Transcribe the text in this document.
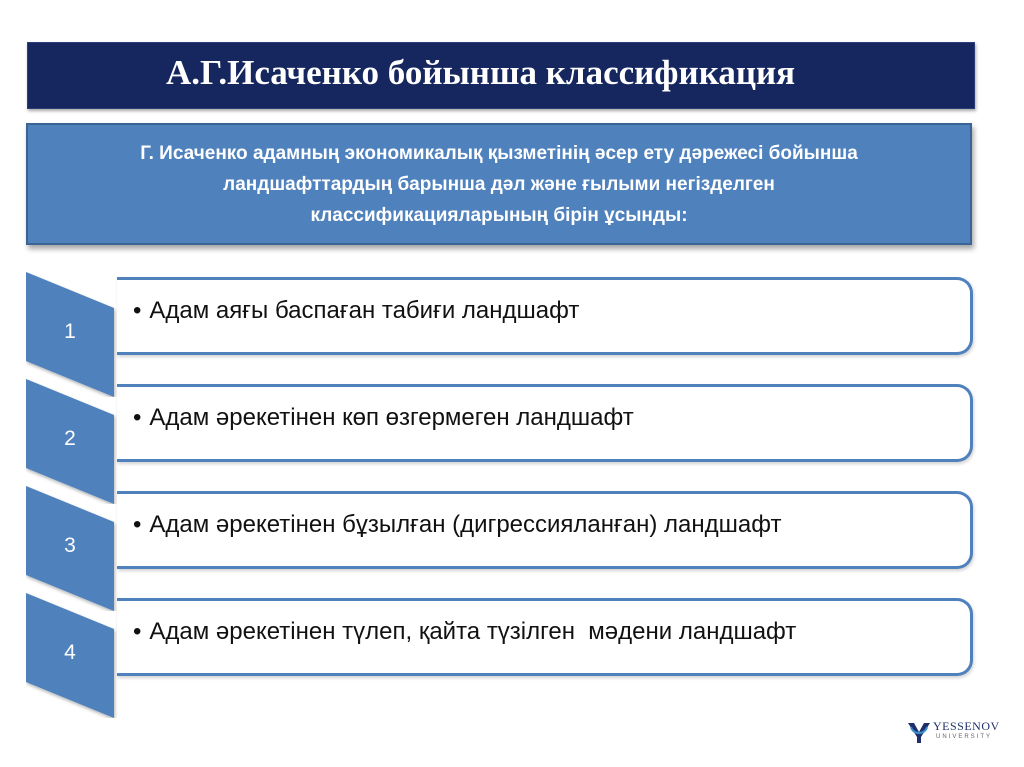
А.Г.Исаченко бойынша классификация
Г. Исаченко адамның экономикалық қызметінің әсер ету дәрежесі бойынша ландшафттардың барынша дәл және ғылыми негізделген классификацияларының бірін ұсынды:
1
• Адам аяғы баспаған табиғи ландшафт
2
• Адам әрекетінен көп өзгермеген ландшафт
3
• Адам әрекетінен бұзылған (дигрессияланған) ландшафт
4
• Адам әрекетінен түлеп, қайта түзілген  мәдени ландшафт
YESSENOV
UNIVERSITY
